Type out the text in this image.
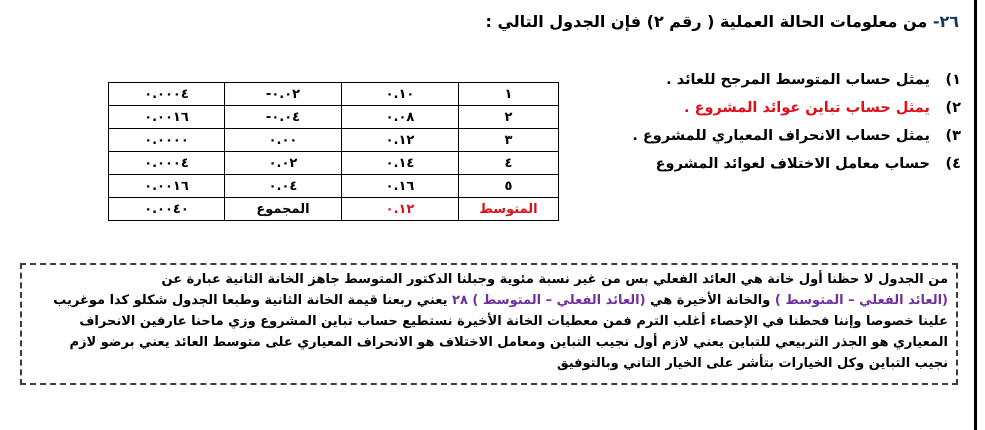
٢٦- من معلومات الحالة العملية ( رقم ٢) فإن الجدول التالي :
٠.٠٠٠٤	-٠.٠٢	٠.١٠	١
٠.٠٠١٦	-٠.٠٤	٠.٠٨	٢
٠.٠٠٠٠	٠.٠٠	٠.١٢	٣
٠.٠٠٠٤	٠.٠٢	٠.١٤	٤
٠.٠٠١٦	٠.٠٤	٠.١٦	٥
٠.٠٠٤٠	المجموع	٠.١٢	المتوسط
١) يمثل حساب المتوسط المرجح للعائد .
٢) يمثل حساب تباين عوائد المشروع .
٣) يمثل حساب الانحراف المعياري للمشروع .
٤) حساب معامل الاختلاف لعوائد المشروع
من الجدول لا حظنا أول خانة هي العائد الفعلي بس من غير نسبة مئوية وجبلنا الدكتور المتوسط جاهز الخانة الثانية عبارة عن
(العائد الفعلي – المتوسط ) والخانة الأخيرة هي (العائد الفعلي – المتوسط ) ٢٨ يعني ربعنا قيمة الخانة الثانية وطبعا الجدول شكلو كدا موغريب
علينا خصوصا وإننا فحطنا في الإحصاء أغلب الترم فمن معطيات الخانة الأخيرة نستطيع حساب تباين المشروع وزي ماحنا عارفين الانحراف
المعياري هو الجذر التربيعي للتباين يعني لازم أول نجيب التباين ومعامل الاختلاف هو الانحراف المعياري على متوسط العائد يعني برضو لازم
نجيب التباين وكل الخيارات بتأشر على الخيار التاني وبالتوفيق
